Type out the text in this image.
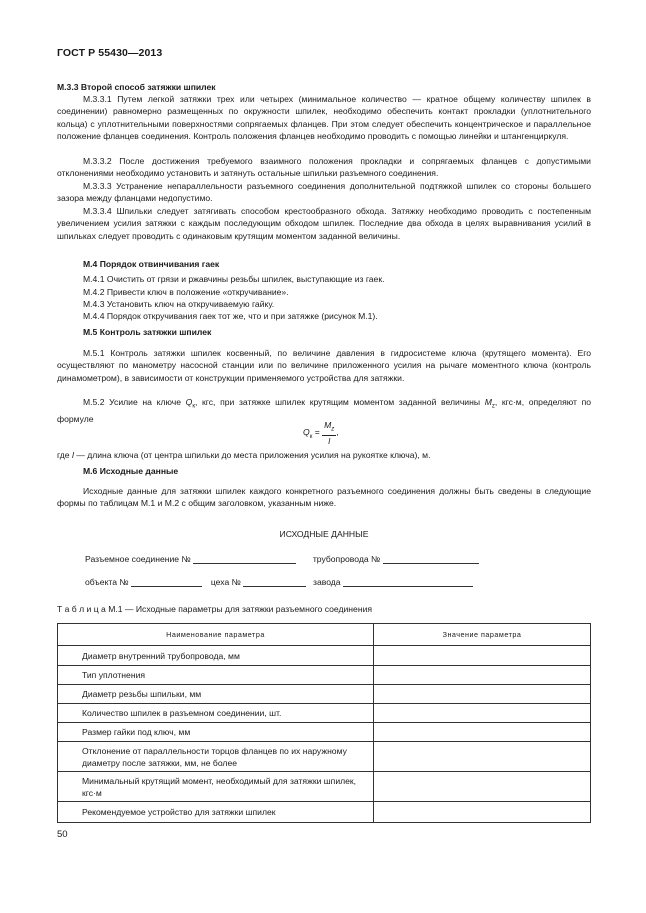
ГОСТ Р 55430—2013
М.3.3 Второй способ затяжки шпилек
М.3.3.1 Путем легкой затяжки трех или четырех (минимальное количество — кратное общему количеству шпилек в соединении) равномерно размещенных по окружности шпилек, необходимо обеспечить контакт прокладки (уплотнительного кольца) с уплотнительными поверхностями сопрягаемых фланцев. При этом следует обеспечить концентрическое и параллельное положение фланцев соединения. Контроль положения фланцев необходимо проводить с помощью линейки и штангенциркуля.
М.3.3.2 После достижения требуемого взаимного положения прокладки и сопрягаемых фланцев с допустимыми отклонениями необходимо установить и затянуть остальные шпильки разъемного соединения.
М.3.3.3 Устранение непараллельности разъемного соединения дополнительной подтяжкой шпилек со стороны большего зазора между фланцами недопустимо.
М.3.3.4 Шпильки следует затягивать способом крестообразного обхода. Затяжку необходимо проводить с постепенным увеличением усилия затяжки с каждым последующим обходом шпилек. Последние два обхода в целях выравнивания усилий в шпильках следует проводить с одинаковым крутящим моментом заданной величины.
М.4 Порядок отвинчивания гаек
М.4.1 Очистить от грязи и ржавчины резьбы шпилек, выступающие из гаек.
М.4.2 Привести ключ в положение «откручивание».
М.4.3 Установить ключ на откручиваемую гайку.
М.4.4 Порядок откручивания гаек тот же, что и при затяжке (рисунок М.1).
М.5 Контроль затяжки шпилек
М.5.1 Контроль затяжки шпилек косвенный, по величине давления в гидросистеме ключа (крутящего момента). Его осуществляют по манометру насосной станции или по величине приложенного усилия на рычаге моментного ключа (контроль динамометром), в зависимости от конструкции применяемого устройства для затяжки.
М.5.2 Усилие на ключе $Q_к$, кгс, при затяжке шпилек крутящим моментом заданной величины $M_z$, кгс·м, определяют по формуле
$Q_к = \frac{M_z}{l}$ ,
где l — длина ключа (от центра шпильки до места приложения усилия на рукоятке ключа), м.
М.6 Исходные данные
Исходные данные для затяжки шпилек каждого конкретного разъемного соединения должны быть сведены в следующие формы по таблицам М.1 и М.2 с общим заголовком, указанным ниже.
ИСХОДНЫЕ ДАННЫЕ
Разъемное соединение №	трубопровода №
объекта №	цеха №	завода
Т а б л и ц а М.1 — Исходные параметры для затяжки разъемного соединения
Наименование параметра	Значение параметра
Диаметр внутренний трубопровода, мм	
Тип уплотнения	
Диаметр резьбы шпильки, мм	
Количество шпилек в разъемном соединении, шт.	
Размер гайки под ключ, мм	
Отклонение от параллельности торцов фланцев по их наружному диаметру после затяжки, мм, не более	
Минимальный крутящий момент, необходимый для затяжки шпилек, кгс·м	
Рекомендуемое устройство для затяжки шпилек	
50
